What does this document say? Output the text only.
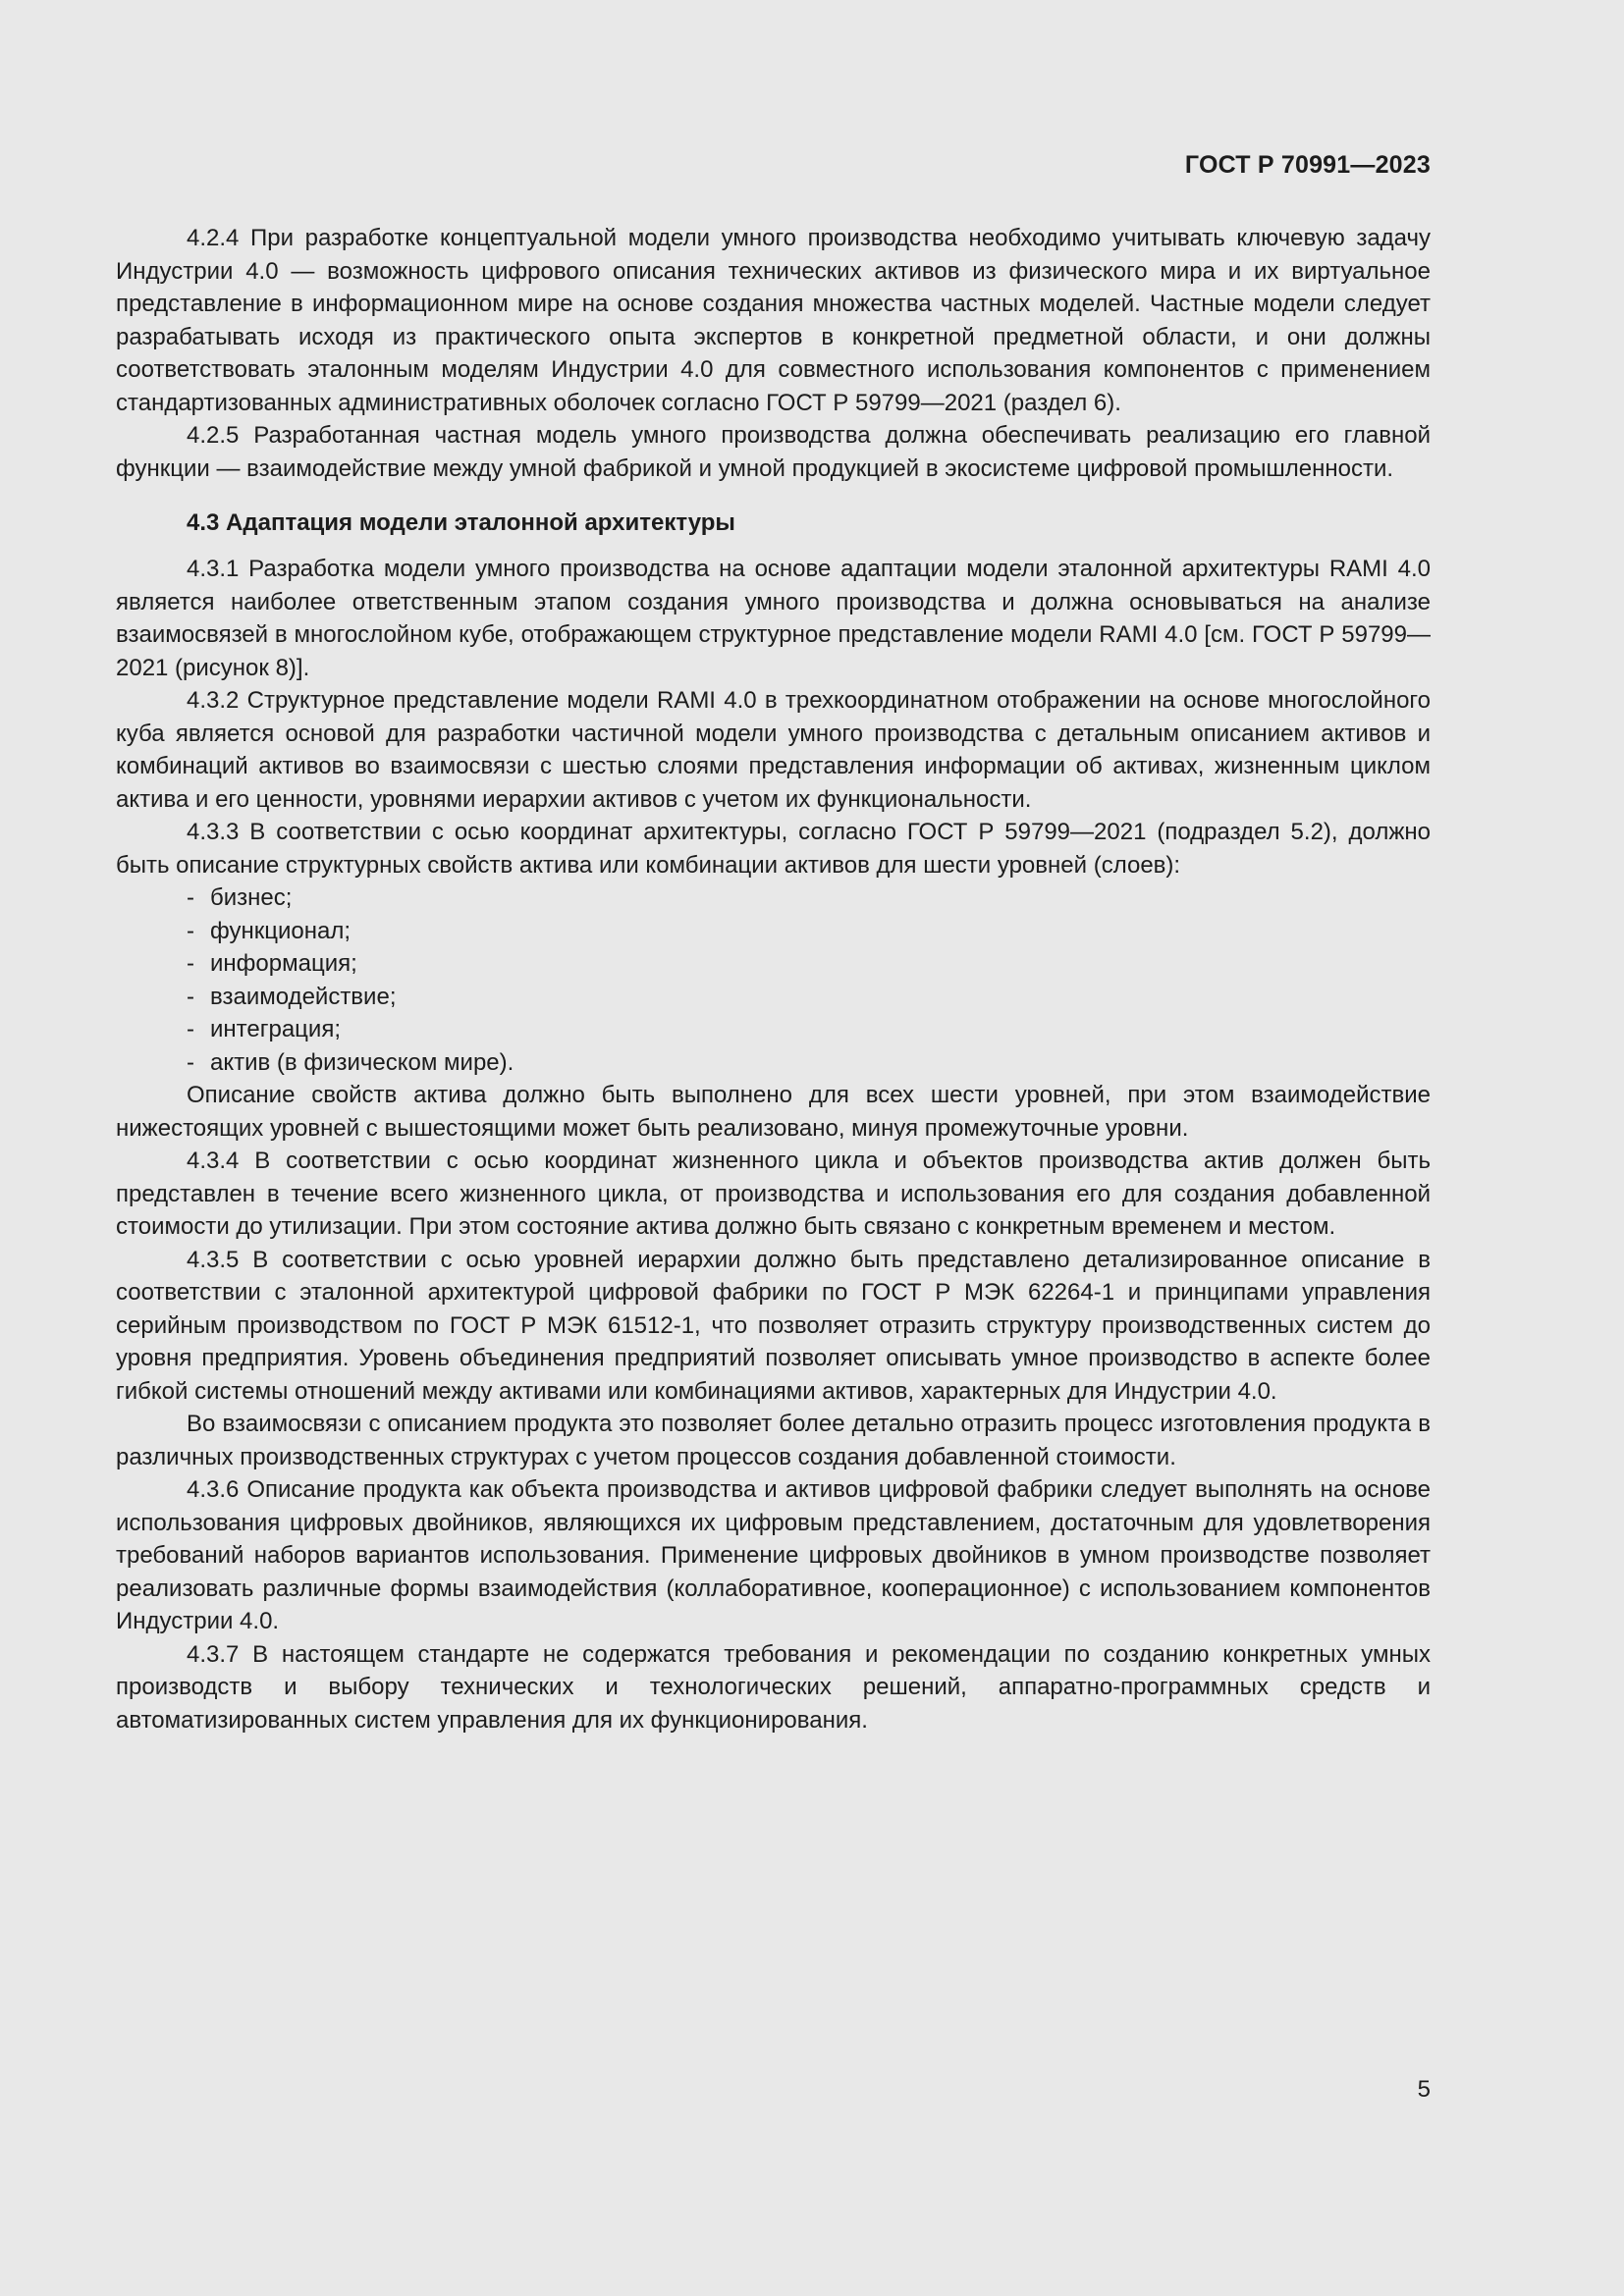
ГОСТ Р 70991—2023

4.2.4 При разработке концептуальной модели умного производства необходимо учитывать ключевую задачу Индустрии 4.0 — возможность цифрового описания технических активов из физического мира и их виртуальное представление в информационном мире на основе создания множества частных моделей. Частные модели следует разрабатывать исходя из практического опыта экспертов в конкретной предметной области, и они должны соответствовать эталонным моделям Индустрии 4.0 для совместного использования компонентов с применением стандартизованных административных оболочек согласно ГОСТ Р 59799—2021 (раздел 6).

4.2.5 Разработанная частная модель умного производства должна обеспечивать реализацию его главной функции — взаимодействие между умной фабрикой и умной продукцией в экосистеме цифровой промышленности.

4.3 Адаптация модели эталонной архитектуры

4.3.1 Разработка модели умного производства на основе адаптации модели эталонной архитектуры RAMI 4.0 является наиболее ответственным этапом создания умного производства и должна основываться на анализе взаимосвязей в многослойном кубе, отображающем структурное представление модели RAMI 4.0 [см. ГОСТ Р 59799—2021 (рисунок 8)].

4.3.2 Структурное представление модели RAMI 4.0 в трехкоординатном отображении на основе многослойного куба является основой для разработки частичной модели умного производства с детальным описанием активов и комбинаций активов во взаимосвязи с шестью слоями представления информации об активах, жизненным циклом актива и его ценности, уровнями иерархии активов с учетом их функциональности.

4.3.3 В соответствии с осью координат архитектуры, согласно ГОСТ Р 59799—2021 (подраздел 5.2), должно быть описание структурных свойств актива или комбинации активов для шести уровней (слоев):

- бизнес;
- функционал;
- информация;
- взаимодействие;
- интеграция;
- актив (в физическом мире).

Описание свойств актива должно быть выполнено для всех шести уровней, при этом взаимодействие нижестоящих уровней с вышестоящими может быть реализовано, минуя промежуточные уровни.

4.3.4 В соответствии с осью координат жизненного цикла и объектов производства актив должен быть представлен в течение всего жизненного цикла, от производства и использования его для создания добавленной стоимости до утилизации. При этом состояние актива должно быть связано с конкретным временем и местом.

4.3.5 В соответствии с осью уровней иерархии должно быть представлено детализированное описание в соответствии с эталонной архитектурой цифровой фабрики по ГОСТ Р МЭК 62264-1 и принципами управления серийным производством по ГОСТ Р МЭК 61512-1, что позволяет отразить структуру производственных систем до уровня предприятия. Уровень объединения предприятий позволяет описывать умное производство в аспекте более гибкой системы отношений между активами или комбинациями активов, характерных для Индустрии 4.0.

Во взаимосвязи с описанием продукта это позволяет более детально отразить процесс изготовления продукта в различных производственных структурах с учетом процессов создания добавленной стоимости.

4.3.6 Описание продукта как объекта производства и активов цифровой фабрики следует выполнять на основе использования цифровых двойников, являющихся их цифровым представлением, достаточным для удовлетворения требований наборов вариантов использования. Применение цифровых двойников в умном производстве позволяет реализовать различные формы взаимодействия (коллаборативное, кооперационное) с использованием компонентов Индустрии 4.0.

4.3.7 В настоящем стандарте не содержатся требования и рекомендации по созданию конкретных умных производств и выбору технических и технологических решений, аппаратно-программных средств и автоматизированных систем управления для их функционирования.

5
